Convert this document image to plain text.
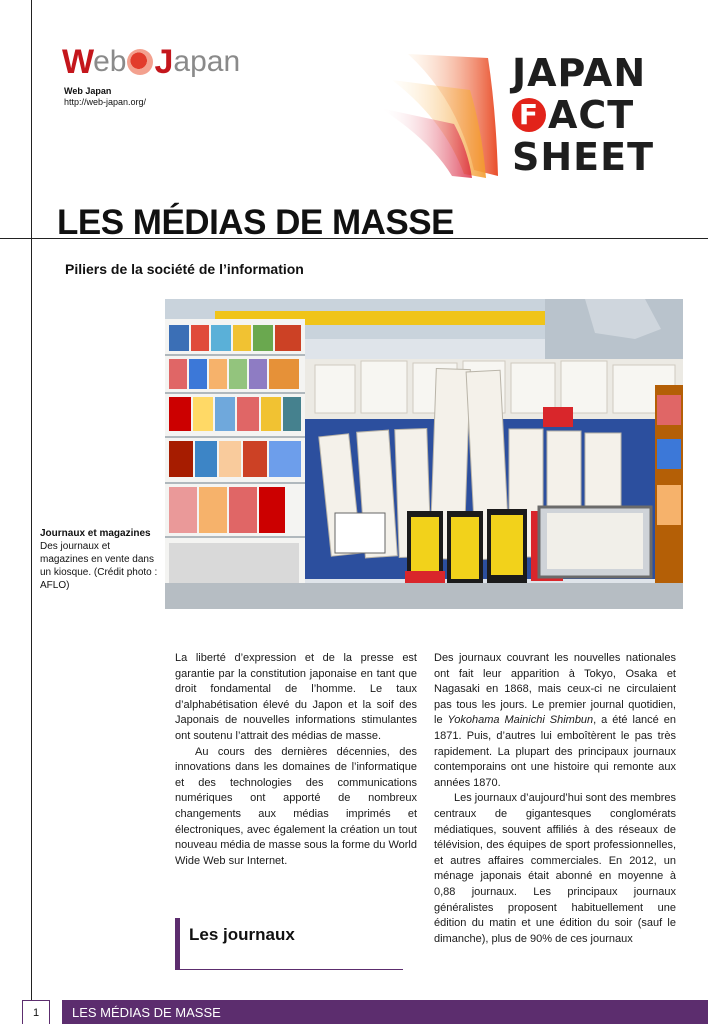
W eb J apan
Web Japan
http://web-japan.org/
JAPAN
F ACT
SHEET
LES MÉDIAS DE MASSE
Piliers de la société de l’information
Journaux et magazines
Des journaux et magazines en vente dans un kiosque. (Crédit photo : AFLO)

La liberté d’expression et de la presse est garantie par la constitution japonaise en tant que droit fondamental de l’homme. Le taux d’alphabétisation élevé du Japon et la soif des Japonais de nouvelles informations stimulantes ont soutenu l’attrait des médias de masse.

Au cours des dernières décennies, des innovations dans les domaines de l’informatique et des technologies des communications numériques ont apporté de nombreux changements aux médias imprimés et électroniques, avec également la création un tout nouveau média de masse sous la forme du World Wide Web sur Internet.

Des journaux couvrant les nouvelles nationales ont fait leur apparition à Tokyo, Osaka et Nagasaki en 1868, mais ceux-ci ne circulaient pas tous les jours. Le premier journal quotidien, le Yokohama Mainichi Shimbun, a été lancé en 1871. Puis, d’autres lui emboîtèrent le pas très rapidement. La plupart des principaux journaux contemporains ont une histoire qui remonte aux années 1870.

Les journaux d’aujourd’hui sont des membres centraux de gigantesques conglomérats médiatiques, souvent affiliés à des réseaux de télévision, des équipes de sport professionnelles, et autres affaires commerciales. En 2012, un ménage japonais était abonné en moyenne à 0,88 journaux. Les principaux journaux généralistes proposent habituellement une édition du matin et une édition du soir (sauf le dimanche), plus de 90% de ces journaux

Les journaux
1	LES MÉDIAS DE MASSE
